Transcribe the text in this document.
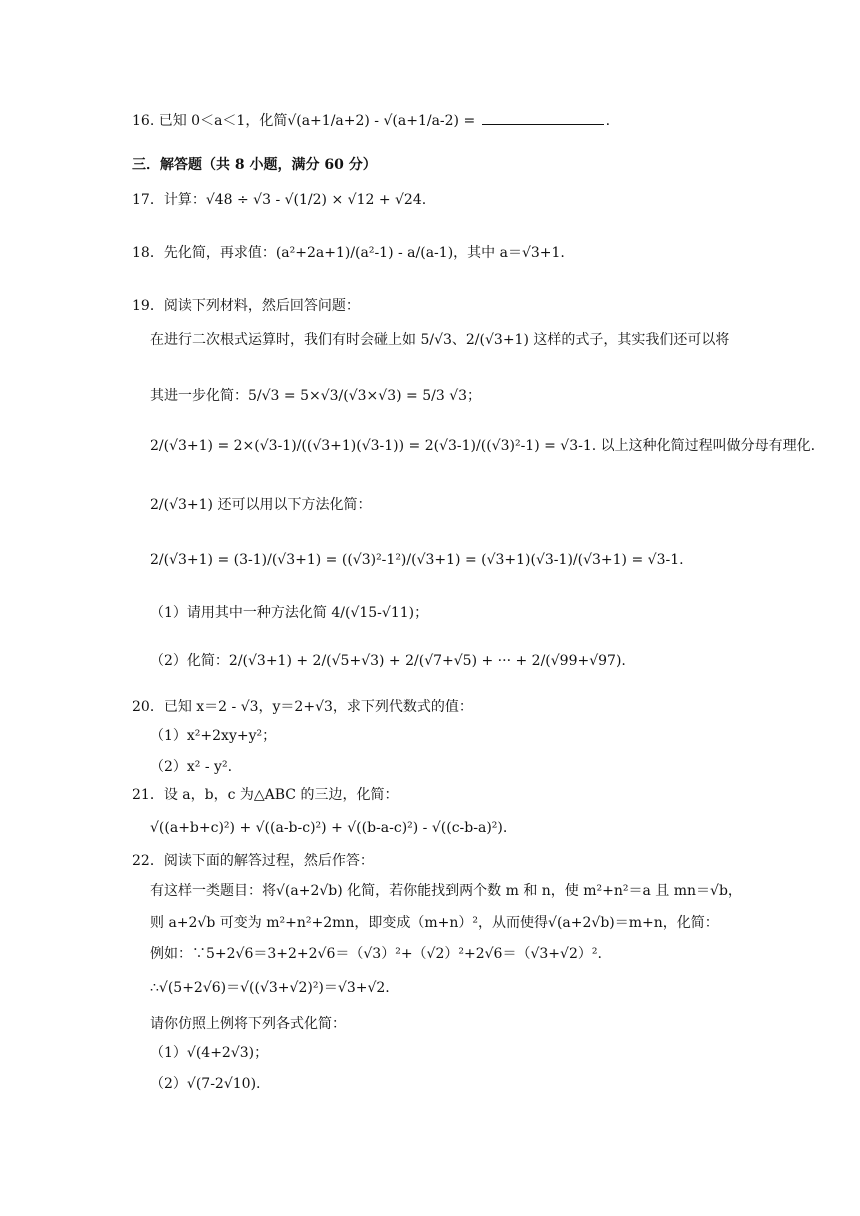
16. 已知 0＜a＜1，化简√(a+1/a+2) - √(a+1/a-2) =	.
三．解答题（共 8 小题，满分 60 分）
17．计算：√48 ÷ √3 - √(1/2) × √12 + √24.
18．先化简，再求值：(a²+2a+1)/(a²-1) - a/(a-1)，其中 a＝√3+1.
19．阅读下列材料，然后回答问题：
在进行二次根式运算时，我们有时会碰上如 5/√3、2/(√3+1) 这样的式子，其实我们还可以将
其进一步化简：5/√3 = 5×√3/(√3×√3) = 5/3 √3；
2/(√3+1) = 2×(√3-1)/((√3+1)(√3-1)) = 2(√3-1)/((√3)²-1) = √3-1. 以上这种化简过程叫做分母有理化.
2/(√3+1) 还可以用以下方法化简：
2/(√3+1) = (3-1)/(√3+1) = ((√3)²-1²)/(√3+1) = (√3+1)(√3-1)/(√3+1) = √3-1.
（1）请用其中一种方法化简 4/(√15-√11)；
（2）化简：2/(√3+1) + 2/(√5+√3) + 2/(√7+√5) + ··· + 2/(√99+√97).
20．已知 x＝2 - √3，y＝2+√3，求下列代数式的值：
（1）x²+2xy+y²；
（2）x² - y².
21．设 a，b，c 为△ABC 的三边，化简：
√((a+b+c)²) + √((a-b-c)²) + √((b-a-c)²) - √((c-b-a)²).
22．阅读下面的解答过程，然后作答：
有这样一类题目：将√(a+2√b) 化简，若你能找到两个数 m 和 n，使 m²+n²＝a 且 mn＝√b，
则 a+2√b 可变为 m²+n²+2mn，即变成（m+n）²，从而使得√(a+2√b)＝m+n，化简：
例如：∵5+2√6＝3+2+2√6＝（√3）²+（√2）²+2√6＝（√3+√2）².
∴√(5+2√6)＝√((√3+√2)²)＝√3+√2.
请你仿照上例将下列各式化简：
（1）√(4+2√3)；
（2）√(7-2√10).
